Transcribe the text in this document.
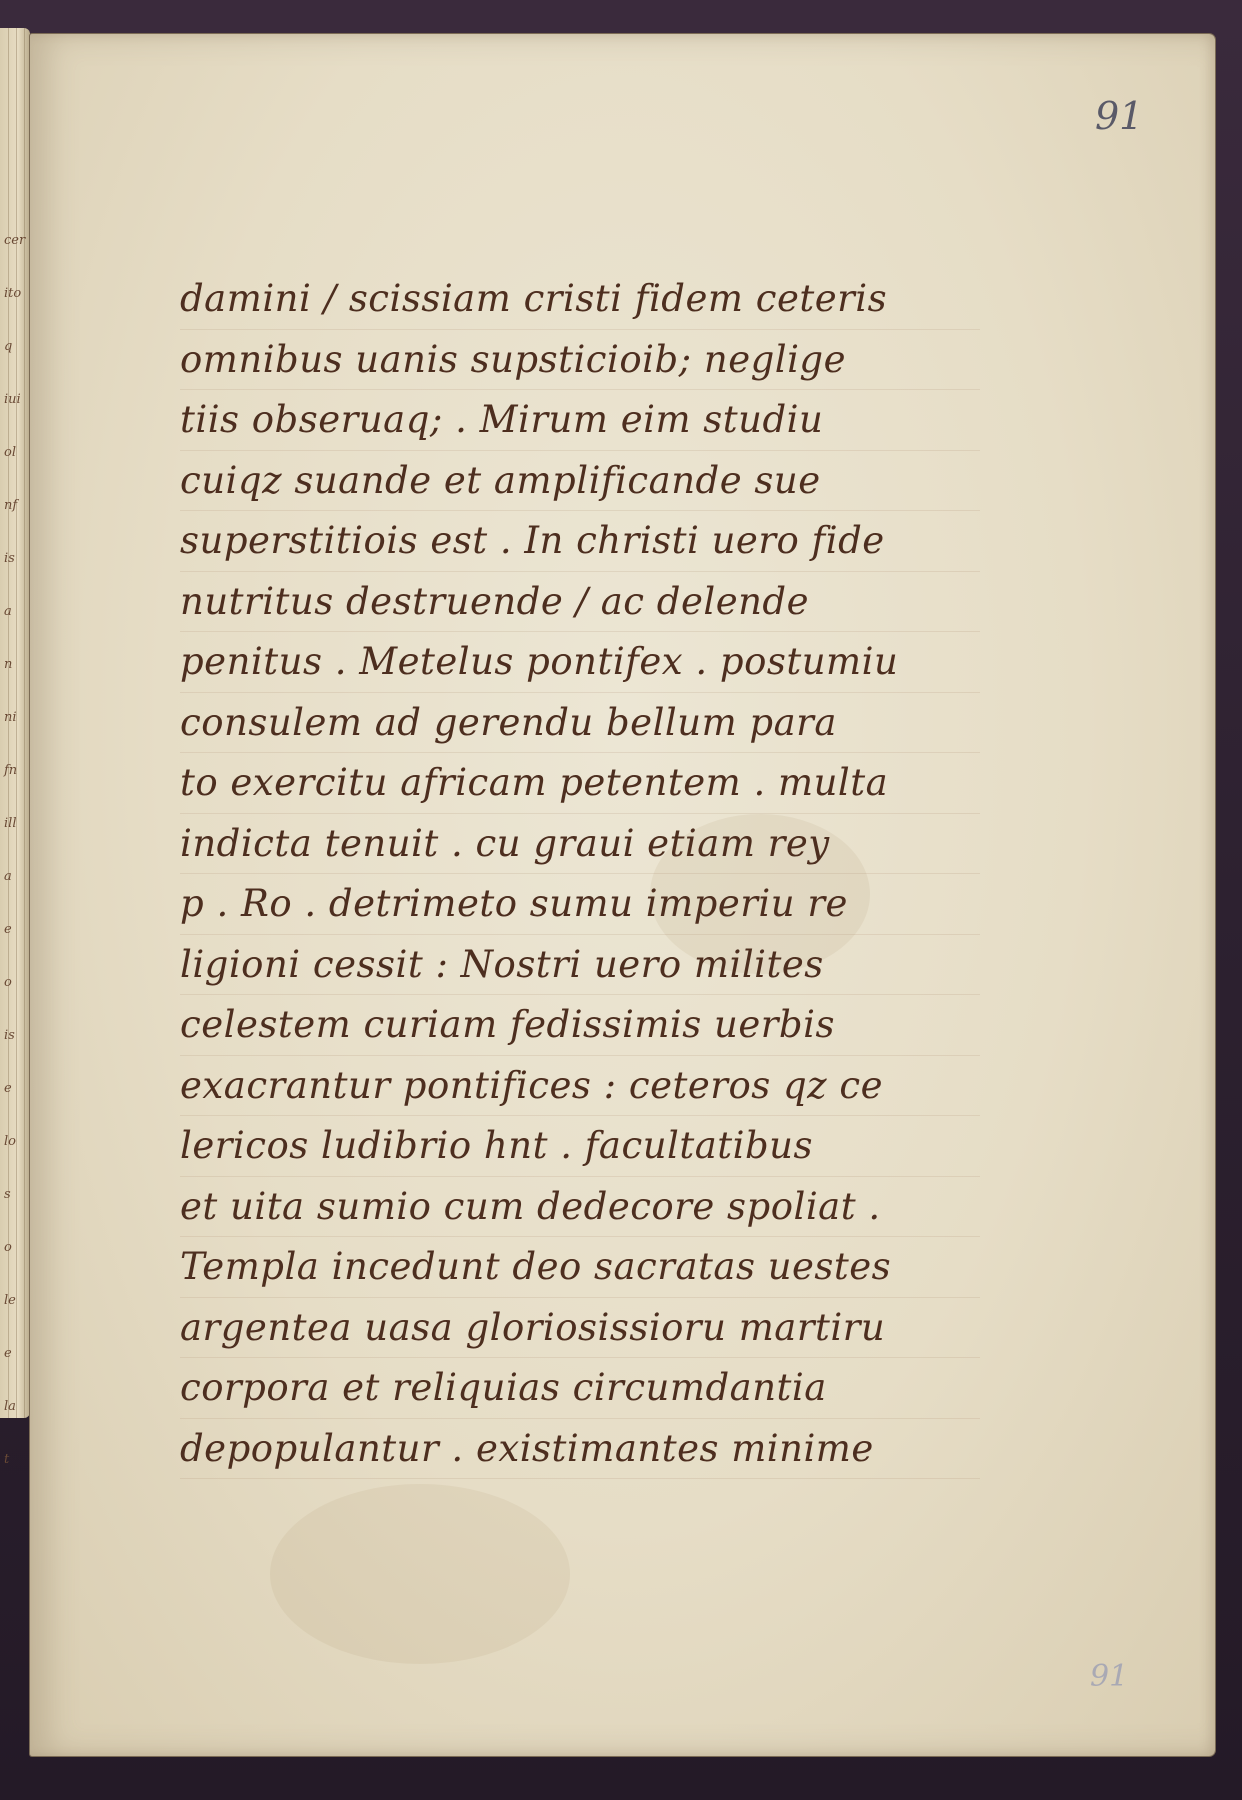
cer
ito
q
iui
ol
nf
is
a
n
ni
fn
ill
a
e
o
is
e
lo
s
o
le
e
la
t
91
damini / scissiam cristi fidem ceteris
omnibus uanis supsticioib; neglige
tiis obseruaq; . Mirum eim studiu
cuiqz suande et amplificande sue
superstitiois est . In christi uero fide
nutritus destruende / ac delende
penitus . Metelus pontifex . postumiu
consulem ad gerendu bellum para
to exercitu africam petentem . multa
indicta tenuit . cu graui etiam rey
p . Ro . detrimeto sumu imperiu re
ligioni cessit : Nostri uero milites
celestem curiam fedissimis uerbis
exacrantur pontifices : ceteros qz ce
lericos ludibrio hnt . facultatibus
et uita sumio cum dedecore spoliat .
Templa incedunt deo sacratas uestes
argentea uasa gloriosissioru martiru
corpora et reliquias circumdantia
depopulantur . existimantes minime
91
